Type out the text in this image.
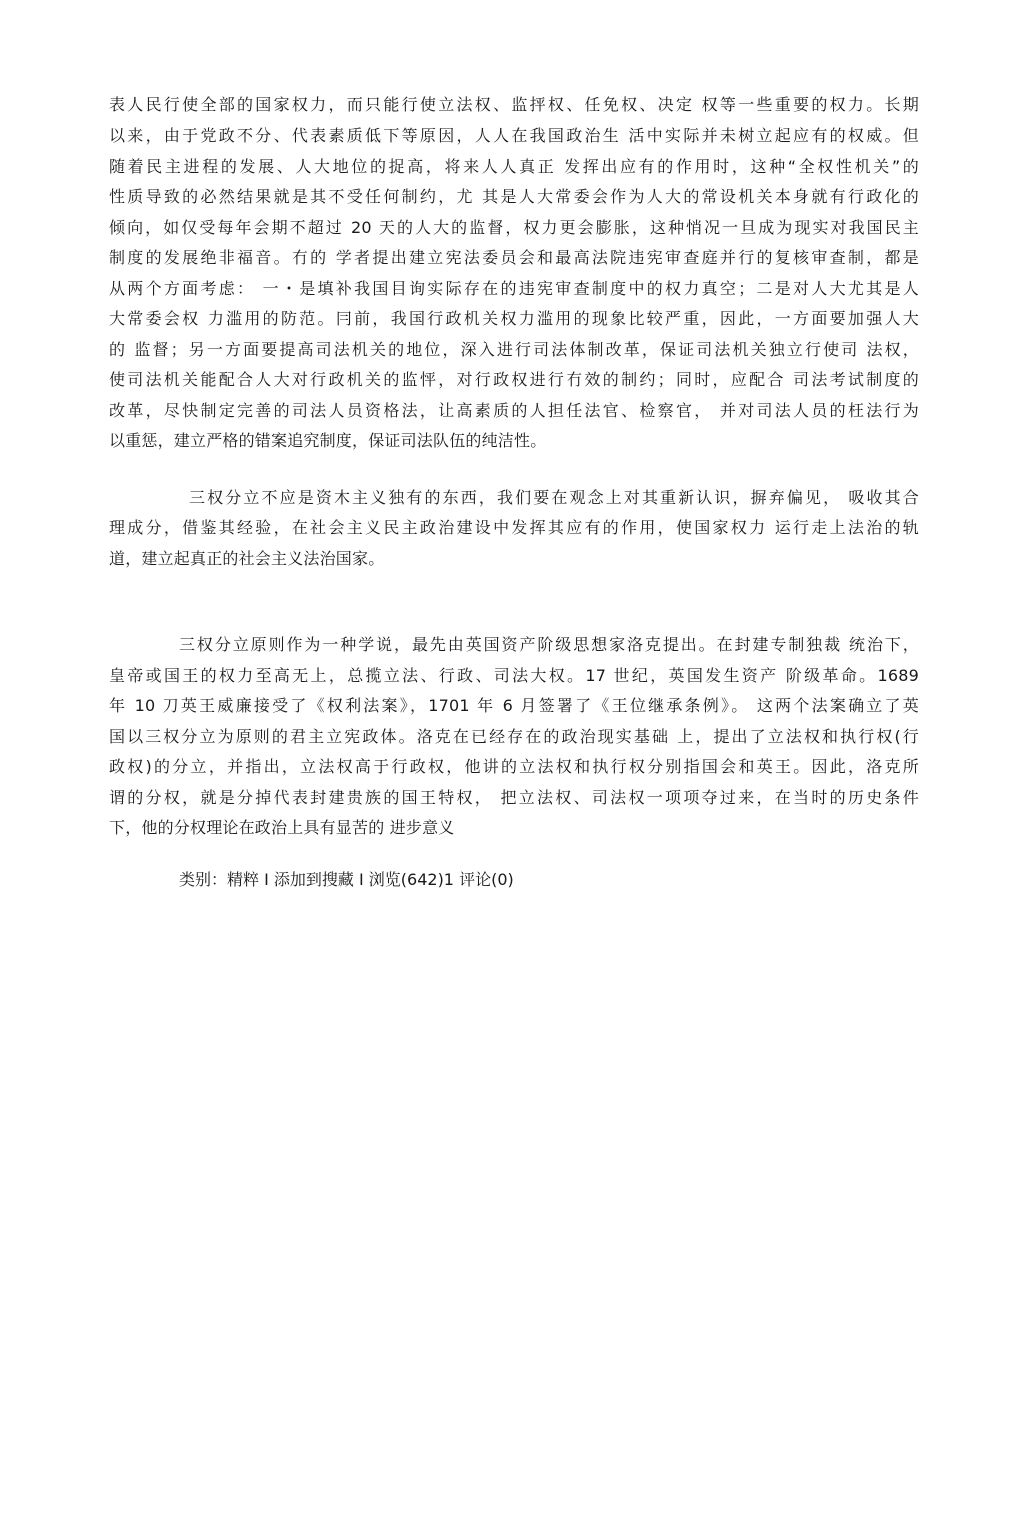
表人民行使全部的国家权力，而只能行使立法权、监抨权、任免权、决定 权等一些重要的权力。长期
以来，由于党政不分、代表素质低下等原因，人人在我国政治生 活中实际并未树立起应有的权威。但
随着民主进程的发展、人大地位的捉高，将来人人真正 发挥出应有的作用时，这种“全权性机关”的
性质导致的必然结果就是其不受任何制约，尤 其是人大常委会作为人大的常设机关本身就有行政化的
倾向，如仅受每年会期不超过 20 天的人大的监督，权力更会膨胀，这种悄况一旦成为现实对我国民主
制度的发展绝非福音。冇的 学者提出建立宪法委员会和最高法院违宪审查庭并行的复核审查制，都是
从两个方面考虑： 一・是填补我国目询实际存在的违宪审查制度中的权力真空；二是对人大尤其是人
大常委会权 力滥用的防范。冃前，我国行政机关权力滥用的现象比较严重，因此，一方面要加强人大
的 监督；另一方面要提高司法机关的地位，深入进行司法体制改革，保证司法机关独立行使司 法权，
使司法机关能配合人大对行政机关的监怦，对行政权进行冇效的制约；同时，应配合 司法考试制度的
改革，尽快制定完善的司法人员资格法，让高素质的人担任法官、检察官， 并对司法人员的枉法行为
以重惩，建立严格的错案追究制度，保证司法队伍的纯洁性。
三权分立不应是资木主义独有的东西，我们要在观念上对其重新认识，摒弃偏见， 吸收其合
理成分，借鉴其经验，在社会主义民主政治建设中发挥其应有的作用，使国家权力 运行走上法治的轨
道，建立起真正的社会主义法治国家。
三权分立原则作为一种学说，最先由英国资产阶级思想家洛克提出。在封建专制独裁 统治下，
皇帝或国王的权力至高无上，总揽立法、行政、司法大权。17 世纪，英国发生资产 阶级革命。1689
年 10 刀英王威廉接受了《权利法案》，1701 年 6 月签署了《王位继承条例》。 这两个法案确立了英
国以三权分立为原则的君主立宪政体。洛克在已经存在的政治现实基础 上，提出了立法权和执行权(行
政权)的分立，并指出，立法权高于行政权，他讲的立法权和执行权分别指国会和英王。因此，洛克所
谓的分权，就是分掉代表封建贵族的国王特权， 把立法权、司法权一项项夺过来，在当时的历史条件
下，他的分权理论在政治上具有显苦的 进步意义
类别：精粹 I 添加到搜藏 I 浏览(642)1 评论(0)
